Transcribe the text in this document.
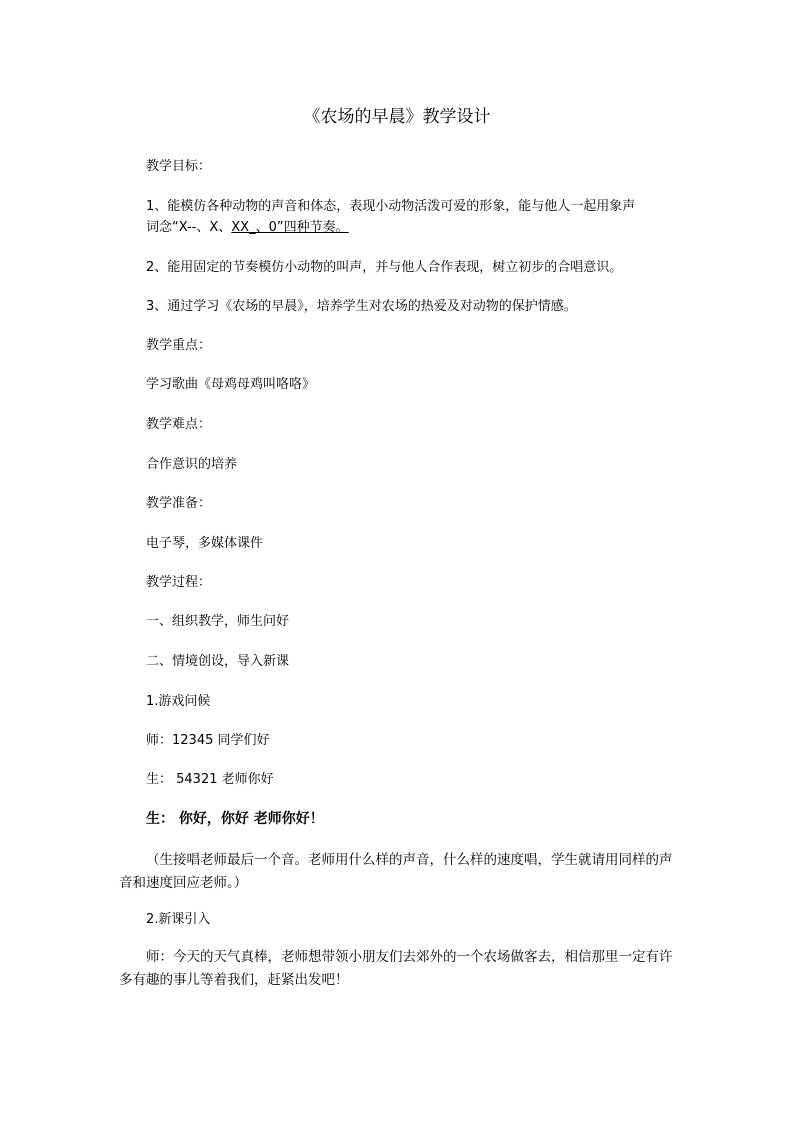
《农场的早晨》教学设计
教学目标：
1、能模仿各种动物的声音和体态，表现小动物活泼可爱的形象，能与他人一起用象声
词念“X--、X、XX_、0”四种节奏。
2、能用固定的节奏模仿小动物的叫声，并与他人合作表现，树立初步的合唱意识。
3、通过学习《农场的早晨》，培养学生对农场的热爱及对动物的保护情感。
教学重点：
学习歌曲《母鸡母鸡叫咯咯》
教学难点：
合作意识的培养
教学准备：
电子琴，多媒体课件
教学过程：
一、组织教学，师生问好
二、情境创设，导入新课
1.游戏问候
师：12345 同学们好
生： 54321 老师你好
生： 你好，你好 老师你好！
（生接唱老师最后一个音。老师用什么样的声音，什么样的速度唱，学生就请用同样的声音和速度回应老师。）
2.新课引入
师：今天的天气真棒，老师想带领小朋友们去郊外的一个农场做客去，相信那里一定有许多有趣的事儿等着我们，赶紧出发吧！
